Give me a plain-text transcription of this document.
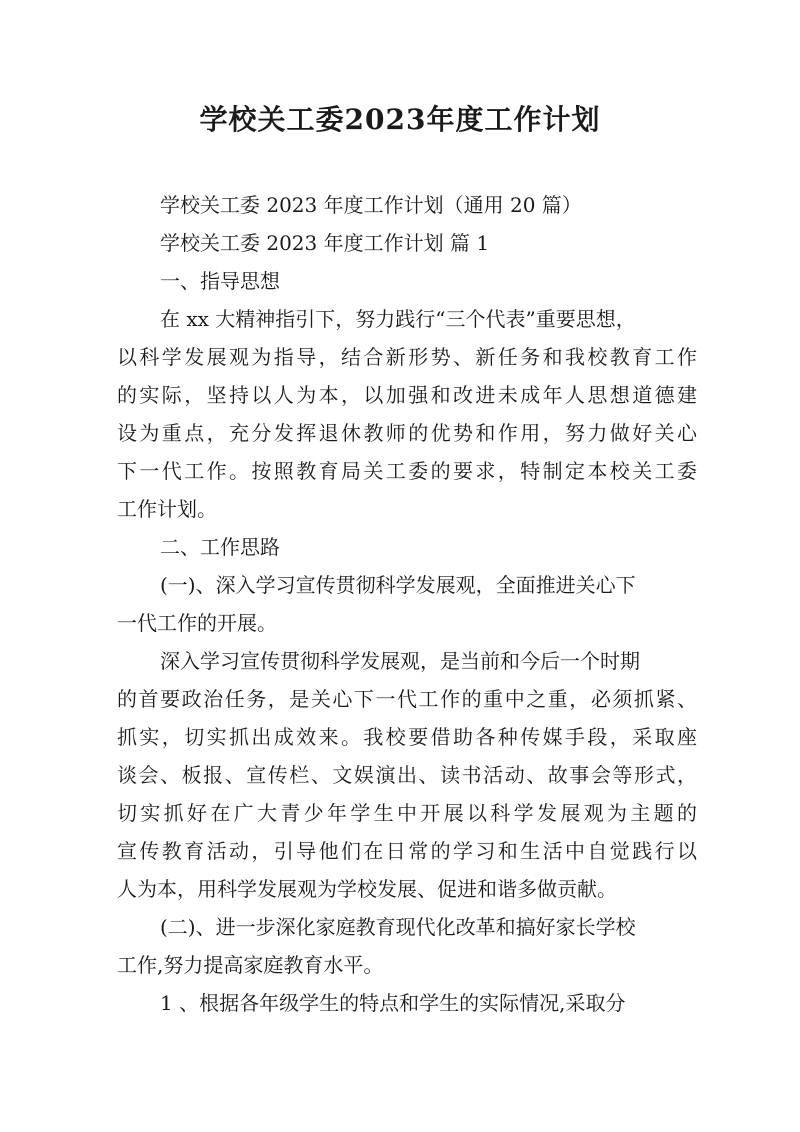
学校关工委2023年度工作计划
学校关工委 2023 年度工作计划（通用 20 篇）
学校关工委 2023 年度工作计划 篇 1
一、指导思想
在 xx 大精神指引下，努力践行“三个代表”重要思想，
以科学发展观为指导，结合新形势、新任务和我校教育工作
的实际，坚持以人为本，以加强和改进未成年人思想道德建
设为重点，充分发挥退休教师的优势和作用，努力做好关心
下一代工作。按照教育局关工委的要求，特制定本校关工委
工作计划。
二、工作思路
(一)、深入学习宣传贯彻科学发展观，全面推进关心下
一代工作的开展。
深入学习宣传贯彻科学发展观，是当前和今后一个时期
的首要政治任务，是关心下一代工作的重中之重，必须抓紧、
抓实，切实抓出成效来。我校要借助各种传媒手段，采取座
谈会、板报、宣传栏、文娱演出、读书活动、故事会等形式，
切实抓好在广大青少年学生中开展以科学发展观为主题的
宣传教育活动，引导他们在日常的学习和生活中自觉践行以
人为本，用科学发展观为学校发展、促进和谐多做贡献。
(二)、进一步深化家庭教育现代化改革和搞好家长学校
工作,努力提高家庭教育水平。
1 、根据各年级学生的特点和学生的实际情况,采取分
